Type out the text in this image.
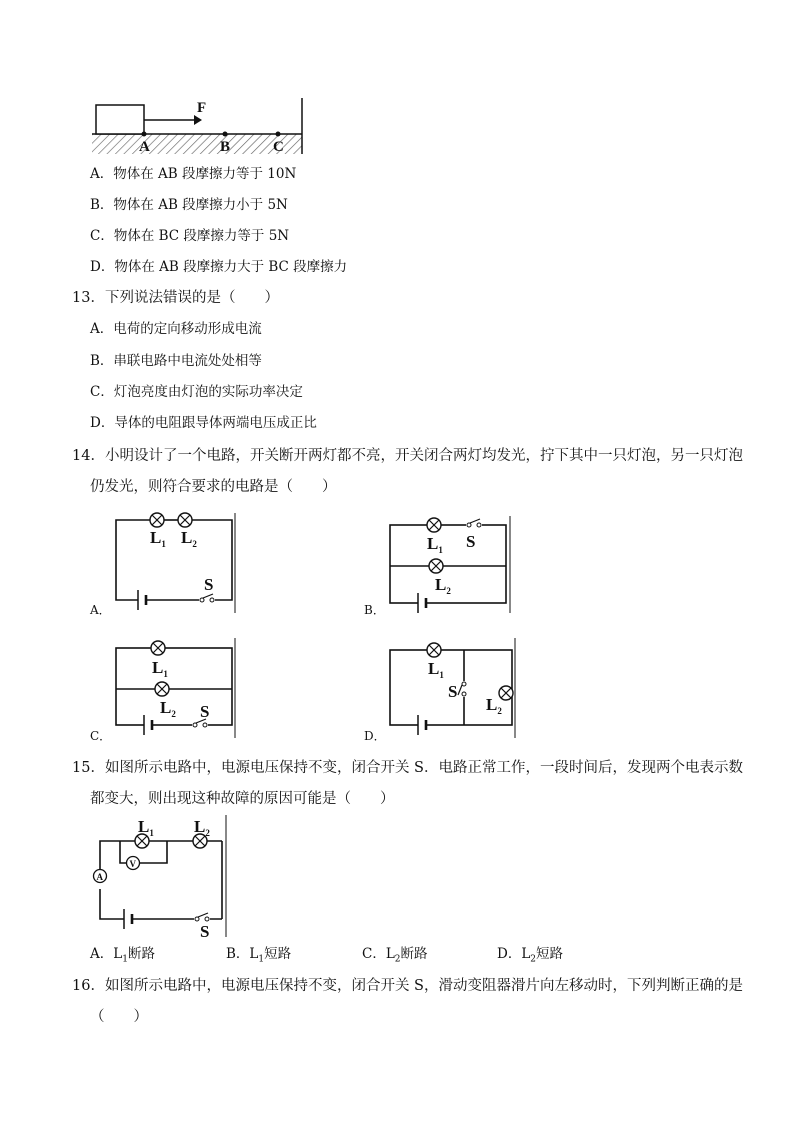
F
A	B	C
A．物体在 AB 段摩擦力等于 10N
B．物体在 AB 段摩擦力小于 5N
C．物体在 BC 段摩擦力等于 5N
D．物体在 AB 段摩擦力大于 BC 段摩擦力
13．下列说法错误的是（　　）
A．电荷的定向移动形成电流
B．串联电路中电流处处相等
C．灯泡亮度由灯泡的实际功率决定
D．导体的电阻跟导体两端电压成正比
14．小明设计了一个电路，开关断开两灯都不亮，开关闭合两灯均发光，拧下其中一只灯泡，另一只灯泡
仍发光，则符合要求的电路是（　　）
$L_1$ $L_2$
S
A．
$L_1$ S
$L_2$
B．
$L_1$
$L_2$ S
C．
$L_1$
S
$L_2$
D．
15．如图所示电路中，电源电压保持不变，闭合开关 S．电路正常工作，一段时间后，发现两个电表示数
都变大，则出现这种故障的原因可能是（　　）
V
A
$L_1$ $L_2$
S
A．$L_1$断路	B．$L_1$短路	C．$L_2$断路	D．$L_2$短路
16．如图所示电路中，电源电压保持不变，闭合开关 S，滑动变阻器滑片向左移动时，下列判断正确的是
（　　）
